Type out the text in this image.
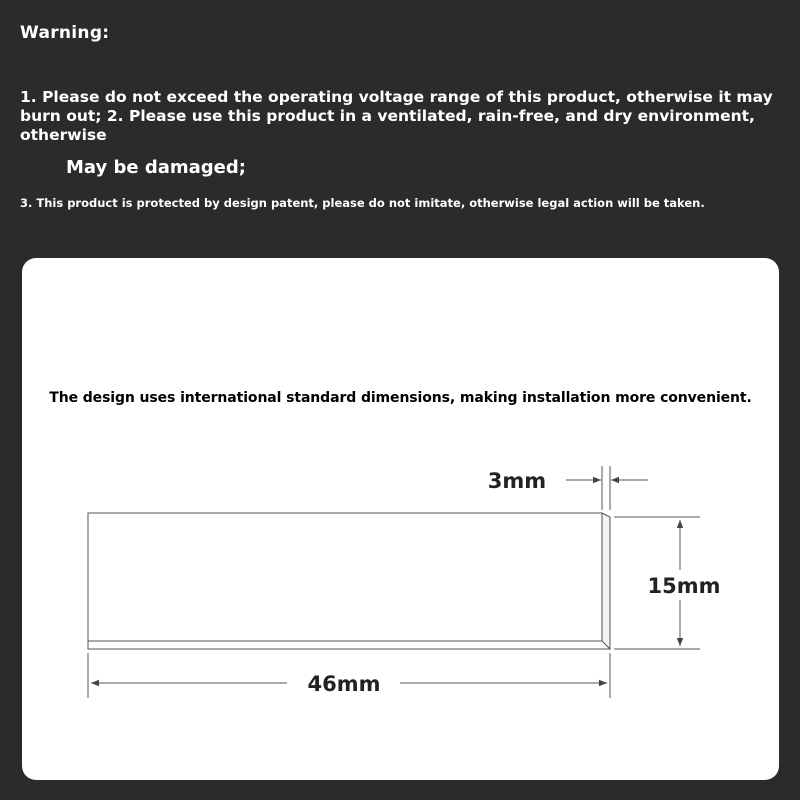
Warning:
1. Please do not exceed the operating voltage range of this product, otherwise it may burn out; 2. Please use this product in a ventilated, rain-free, and dry environment, otherwise
May be damaged;
3. This product is protected by design patent, please do not imitate, otherwise legal action will be taken.
The design uses international standard dimensions, making installation more convenient.
3mm
15mm
46mm
